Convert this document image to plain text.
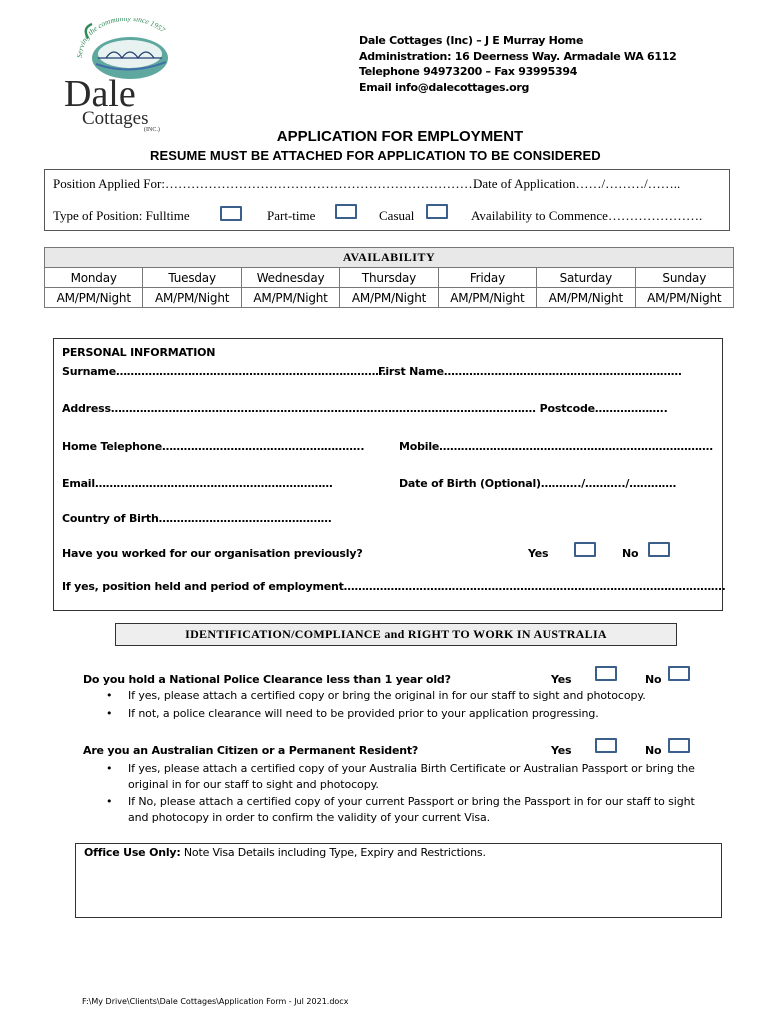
Serving the community since 1957
Dale
Cottages
(INC.)
Dale Cottages (Inc) – J E Murray Home
Administration: 16 Deerness Way. Armadale WA 6112
Telephone 94973200 – Fax 93995394
Email info@dalecottages.org
APPLICATION FOR EMPLOYMENT
RESUME MUST BE ATTACHED FOR APPLICATION TO BE CONSIDERED
Position Applied For:………………………………………………………………
Date of Application……/………/……..
Type of Position: Fulltime	Part-time	Casual	Availability to Commence………………….
AVAILABILITY						
Monday	Tuesday	Wednesday	Thursday	Friday	Saturday	Sunday
AM/PM/Night	AM/PM/Night	AM/PM/Night	AM/PM/Night	AM/PM/Night	AM/PM/Night	AM/PM/Night
PERSONAL INFORMATION
Surname…………………………………………………………………
First Name…………………………………………………………
Address………………………………………………………………………………………………………. Postcode………………..
Home Telephone………………………………………………..	Mobile………………………………………………………………….
Email…………………………………………………………	Date of Birth (Optional)………../………../………….
Country of Birth…………………………………………
Have you worked for our organisation previously?	Yes	No
If yes, position held and period of employment…………………………………………………………………………………………….
IDENTIFICATION/COMPLIANCE and RIGHT TO WORK IN AUSTRALIA
Do you hold a National Police Clearance less than 1 year old?	Yes	No
• If yes, please attach a certified copy or bring the original in for our staff to sight and photocopy.
• If not, a police clearance will need to be provided prior to your application progressing.
Are you an Australian Citizen or a Permanent Resident?	Yes	No
• If yes, please attach a certified copy of your Australia Birth Certificate or Australian Passport or bring the original in for our staff to sight and photocopy.
• If No, please attach a certified copy of your current Passport or bring the Passport in for our staff to sight and photocopy in order to confirm the validity of your current Visa.
Office Use Only: Note Visa Details including Type, Expiry and Restrictions.
F:\My Drive\Clients\Dale Cottages\Application Form - Jul 2021.docx
